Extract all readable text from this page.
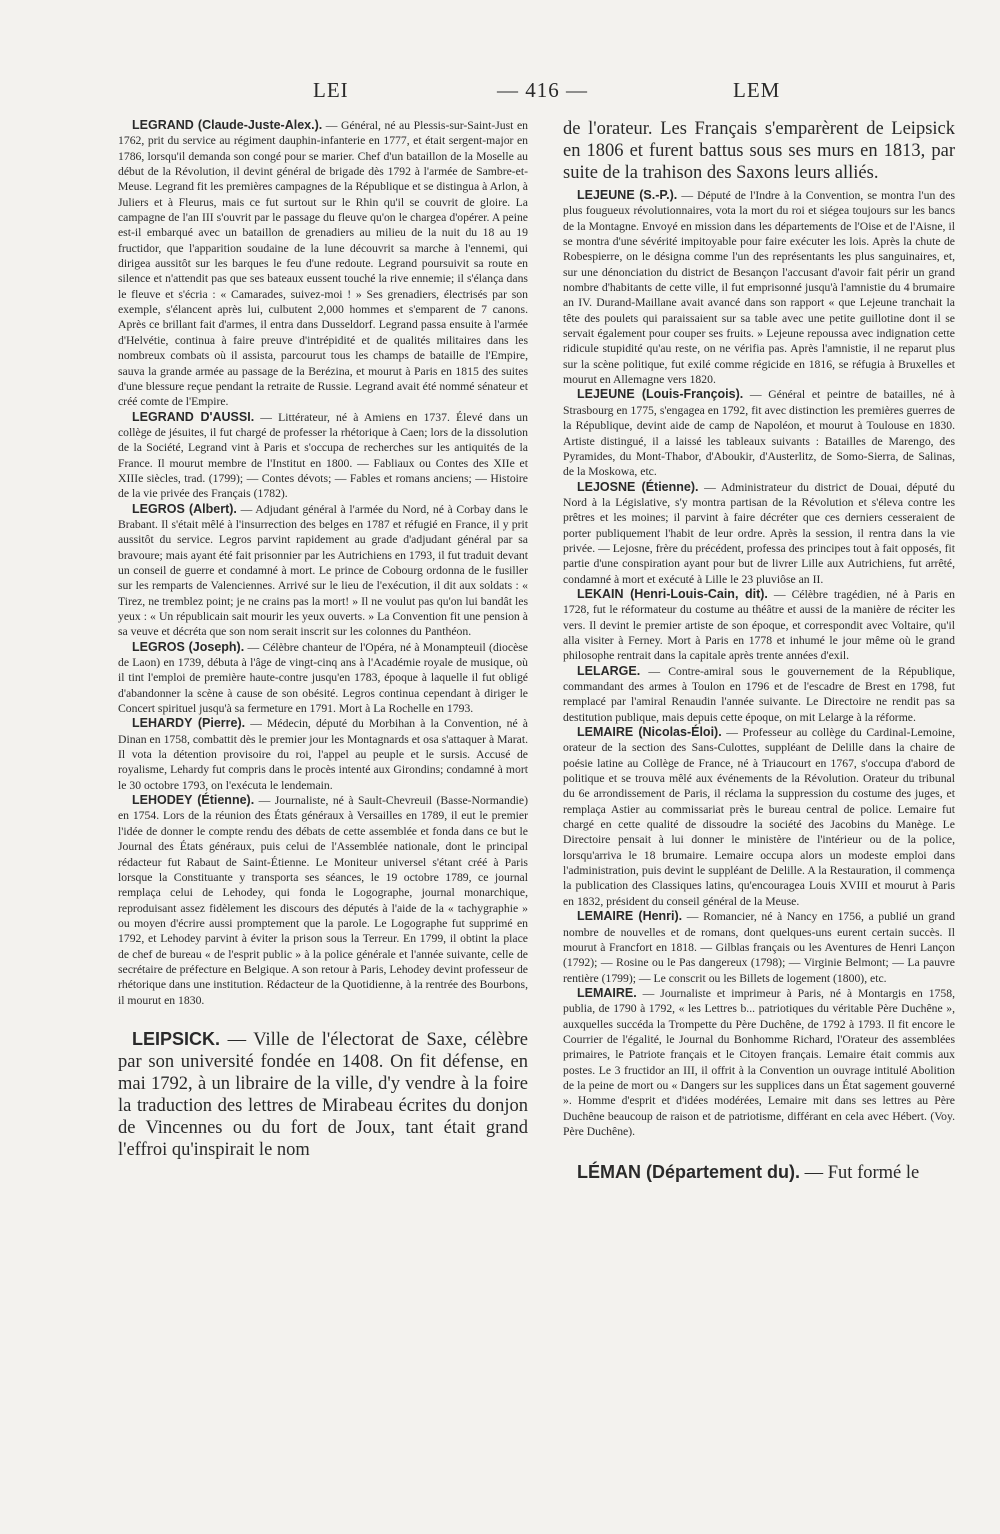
LEI	— 416 —	LEM

LEGRAND (Claude-Juste-Alex.). — Général, né au Plessis-sur-Saint-Just en 1762, prit du service au régiment dauphin-infanterie en 1777, et était sergent-major en 1786, lorsqu'il demanda son congé pour se marier. Chef d'un bataillon de la Moselle au début de la Révolution, il devint général de brigade dès 1792 à l'armée de Sambre-et-Meuse. Legrand fit les premières campagnes de la République et se distingua à Arlon, à Juliers et à Fleurus, mais ce fut surtout sur le Rhin qu'il se couvrit de gloire. La campagne de l'an III s'ouvrit par le passage du fleuve qu'on le chargea d'opérer. A peine est-il embarqué avec un bataillon de grenadiers au milieu de la nuit du 18 au 19 fructidor, que l'apparition soudaine de la lune découvrit sa marche à l'ennemi, qui dirigea aussitôt sur les barques le feu d'une redoute. Legrand poursuivit sa route en silence et n'attendit pas que ses bateaux eussent touché la rive ennemie; il s'élança dans le fleuve et s'écria : « Camarades, suivez-moi ! » Ses grenadiers, électrisés par son exemple, s'élancent après lui, culbutent 2,000 hommes et s'emparent de 7 canons. Après ce brillant fait d'armes, il entra dans Dusseldorf. Legrand passa ensuite à l'armée d'Helvétie, continua à faire preuve d'intrépidité et de qualités militaires dans les nombreux combats où il assista, parcourut tous les champs de bataille de l'Empire, sauva la grande armée au passage de la Berézina, et mourut à Paris en 1815 des suites d'une blessure reçue pendant la retraite de Russie. Legrand avait été nommé sénateur et créé comte de l'Empire.

LEGRAND D'AUSSI. — Littérateur, né à Amiens en 1737. Élevé dans un collège de jésuites, il fut chargé de professer la rhétorique à Caen; lors de la dissolution de la Société, Legrand vint à Paris et s'occupa de recherches sur les antiquités de la France. Il mourut membre de l'Institut en 1800. — Fabliaux ou Contes des XIIe et XIIIe siècles, trad. (1799); — Contes dévots; — Fables et romans anciens; — Histoire de la vie privée des Français (1782).

LEGROS (Albert). — Adjudant général à l'armée du Nord, né à Corbay dans le Brabant. Il s'était mêlé à l'insurrection des belges en 1787 et réfugié en France, il y prit aussitôt du service. Legros parvint rapidement au grade d'adjudant général par sa bravoure; mais ayant été fait prisonnier par les Autrichiens en 1793, il fut traduit devant un conseil de guerre et condamné à mort. Le prince de Cobourg ordonna de le fusiller sur les remparts de Valenciennes. Arrivé sur le lieu de l'exécution, il dit aux soldats : « Tirez, ne tremblez point; je ne crains pas la mort! » Il ne voulut pas qu'on lui bandât les yeux : « Un républicain sait mourir les yeux ouverts. » La Convention fit une pension à sa veuve et décréta que son nom serait inscrit sur les colonnes du Panthéon.

LEGROS (Joseph). — Célèbre chanteur de l'Opéra, né à Monampteuil (diocèse de Laon) en 1739, débuta à l'âge de vingt-cinq ans à l'Académie royale de musique, où il tint l'emploi de première haute-contre jusqu'en 1783, époque à laquelle il fut obligé d'abandonner la scène à cause de son obésité. Legros continua cependant à diriger le Concert spirituel jusqu'à sa fermeture en 1791. Mort à La Rochelle en 1793.

LEHARDY (Pierre). — Médecin, député du Morbihan à la Convention, né à Dinan en 1758, combattit dès le premier jour les Montagnards et osa s'attaquer à Marat. Il vota la détention provisoire du roi, l'appel au peuple et le sursis. Accusé de royalisme, Lehardy fut compris dans le procès intenté aux Girondins; condamné à mort le 30 octobre 1793, on l'exécuta le lendemain.

LEHODEY (Étienne). — Journaliste, né à Sault-Chevreuil (Basse-Normandie) en 1754. Lors de la réunion des États généraux à Versailles en 1789, il eut le premier l'idée de donner le compte rendu des débats de cette assemblée et fonda dans ce but le Journal des États généraux, puis celui de l'Assemblée nationale, dont le principal rédacteur fut Rabaut de Saint-Étienne. Le Moniteur universel s'étant créé à Paris lorsque la Constituante y transporta ses séances, le 19 octobre 1789, ce journal remplaça celui de Lehodey, qui fonda le Logographe, journal monarchique, reproduisant assez fidèlement les discours des députés à l'aide de la « tachygraphie » ou moyen d'écrire aussi promptement que la parole. Le Logographe fut supprimé en 1792, et Lehodey parvint à éviter la prison sous la Terreur. En 1799, il obtint la place de chef de bureau « de l'esprit public » à la police générale et l'année suivante, celle de secrétaire de préfecture en Belgique. A son retour à Paris, Lehodey devint professeur de rhétorique dans une institution. Rédacteur de la Quotidienne, à la rentrée des Bourbons, il mourut en 1830.

LEIPSICK. — Ville de l'électorat de Saxe, célèbre par son université fondée en 1408. On fit défense, en mai 1792, à un libraire de la ville, d'y vendre à la foire la traduction des lettres de Mirabeau écrites du donjon de Vincennes ou du fort de Joux, tant était grand l'effroi qu'inspirait le nom

de l'orateur. Les Français s'emparèrent de Leipsick en 1806 et furent battus sous ses murs en 1813, par suite de la trahison des Saxons leurs alliés.

LEJEUNE (S.-P.). — Député de l'Indre à la Convention, se montra l'un des plus fougueux révolutionnaires, vota la mort du roi et siégea toujours sur les bancs de la Montagne. Envoyé en mission dans les départements de l'Oise et de l'Aisne, il se montra d'une sévérité impitoyable pour faire exécuter les lois. Après la chute de Robespierre, on le désigna comme l'un des représentants les plus sanguinaires, et, sur une dénonciation du district de Besançon l'accusant d'avoir fait périr un grand nombre d'habitants de cette ville, il fut emprisonné jusqu'à l'amnistie du 4 brumaire an IV. Durand-Maillane avait avancé dans son rapport « que Lejeune tranchait la tête des poulets qui paraissaient sur sa table avec une petite guillotine dont il se servait également pour couper ses fruits. » Lejeune repoussa avec indignation cette ridicule stupidité qu'au reste, on ne vérifia pas. Après l'amnistie, il ne reparut plus sur la scène politique, fut exilé comme régicide en 1816, se réfugia à Bruxelles et mourut en Allemagne vers 1820.

LEJEUNE (Louis-François). — Général et peintre de batailles, né à Strasbourg en 1775, s'engagea en 1792, fit avec distinction les premières guerres de la République, devint aide de camp de Napoléon, et mourut à Toulouse en 1830. Artiste distingué, il a laissé les tableaux suivants : Batailles de Marengo, des Pyramides, du Mont-Thabor, d'Aboukir, d'Austerlitz, de Somo-Sierra, de Salinas, de la Moskowa, etc.

LEJOSNE (Étienne). — Administrateur du district de Douai, député du Nord à la Législative, s'y montra partisan de la Révolution et s'éleva contre les prêtres et les moines; il parvint à faire décréter que ces derniers cesseraient de porter publiquement l'habit de leur ordre. Après la session, il rentra dans la vie privée. — Lejosne, frère du précédent, professa des principes tout à fait opposés, fit partie d'une conspiration ayant pour but de livrer Lille aux Autrichiens, fut arrêté, condamné à mort et exécuté à Lille le 23 pluviôse an II.

LEKAIN (Henri-Louis-Cain, dit). — Célèbre tragédien, né à Paris en 1728, fut le réformateur du costume au théâtre et aussi de la manière de réciter les vers. Il devint le premier artiste de son époque, et correspondit avec Voltaire, qu'il alla visiter à Ferney. Mort à Paris en 1778 et inhumé le jour même où le grand philosophe rentrait dans la capitale après trente années d'exil.

LELARGE. — Contre-amiral sous le gouvernement de la République, commandant des armes à Toulon en 1796 et de l'escadre de Brest en 1798, fut remplacé par l'amiral Renaudin l'année suivante. Le Directoire ne rendit pas sa destitution publique, mais depuis cette époque, on mit Lelarge à la réforme.

LEMAIRE (Nicolas-Éloi). — Professeur au collège du Cardinal-Lemoine, orateur de la section des Sans-Culottes, suppléant de Delille dans la chaire de poésie latine au Collège de France, né à Triaucourt en 1767, s'occupa d'abord de politique et se trouva mêlé aux événements de la Révolution. Orateur du tribunal du 6e arrondissement de Paris, il réclama la suppression du costume des juges, et remplaça Astier au commissariat près le bureau central de police. Lemaire fut chargé en cette qualité de dissoudre la société des Jacobins du Manège. Le Directoire pensait à lui donner le ministère de l'intérieur ou de la police, lorsqu'arriva le 18 brumaire. Lemaire occupa alors un modeste emploi dans l'administration, puis devint le suppléant de Delille. A la Restauration, il commença la publication des Classiques latins, qu'encouragea Louis XVIII et mourut à Paris en 1832, président du conseil général de la Meuse.

LEMAIRE (Henri). — Romancier, né à Nancy en 1756, a publié un grand nombre de nouvelles et de romans, dont quelques-uns eurent certain succès. Il mourut à Francfort en 1818. — Gilblas français ou les Aventures de Henri Lançon (1792); — Rosine ou le Pas dangereux (1798); — Virginie Belmont; — La pauvre rentière (1799); — Le conscrit ou les Billets de logement (1800), etc.

LEMAIRE. — Journaliste et imprimeur à Paris, né à Montargis en 1758, publia, de 1790 à 1792, « les Lettres b... patriotiques du véritable Père Duchêne », auxquelles succéda la Trompette du Père Duchêne, de 1792 à 1793. Il fit encore le Courrier de l'égalité, le Journal du Bonhomme Richard, l'Orateur des assemblées primaires, le Patriote français et le Citoyen français. Lemaire était commis aux postes. Le 3 fructidor an III, il offrit à la Convention un ouvrage intitulé Abolition de la peine de mort ou « Dangers sur les supplices dans un État sagement gouverné ». Homme d'esprit et d'idées modérées, Lemaire mit dans ses lettres au Père Duchêne beaucoup de raison et de patriotisme, différant en cela avec Hébert. (Voy. Père Duchêne).

LÉMAN (Département du). — Fut formé le
